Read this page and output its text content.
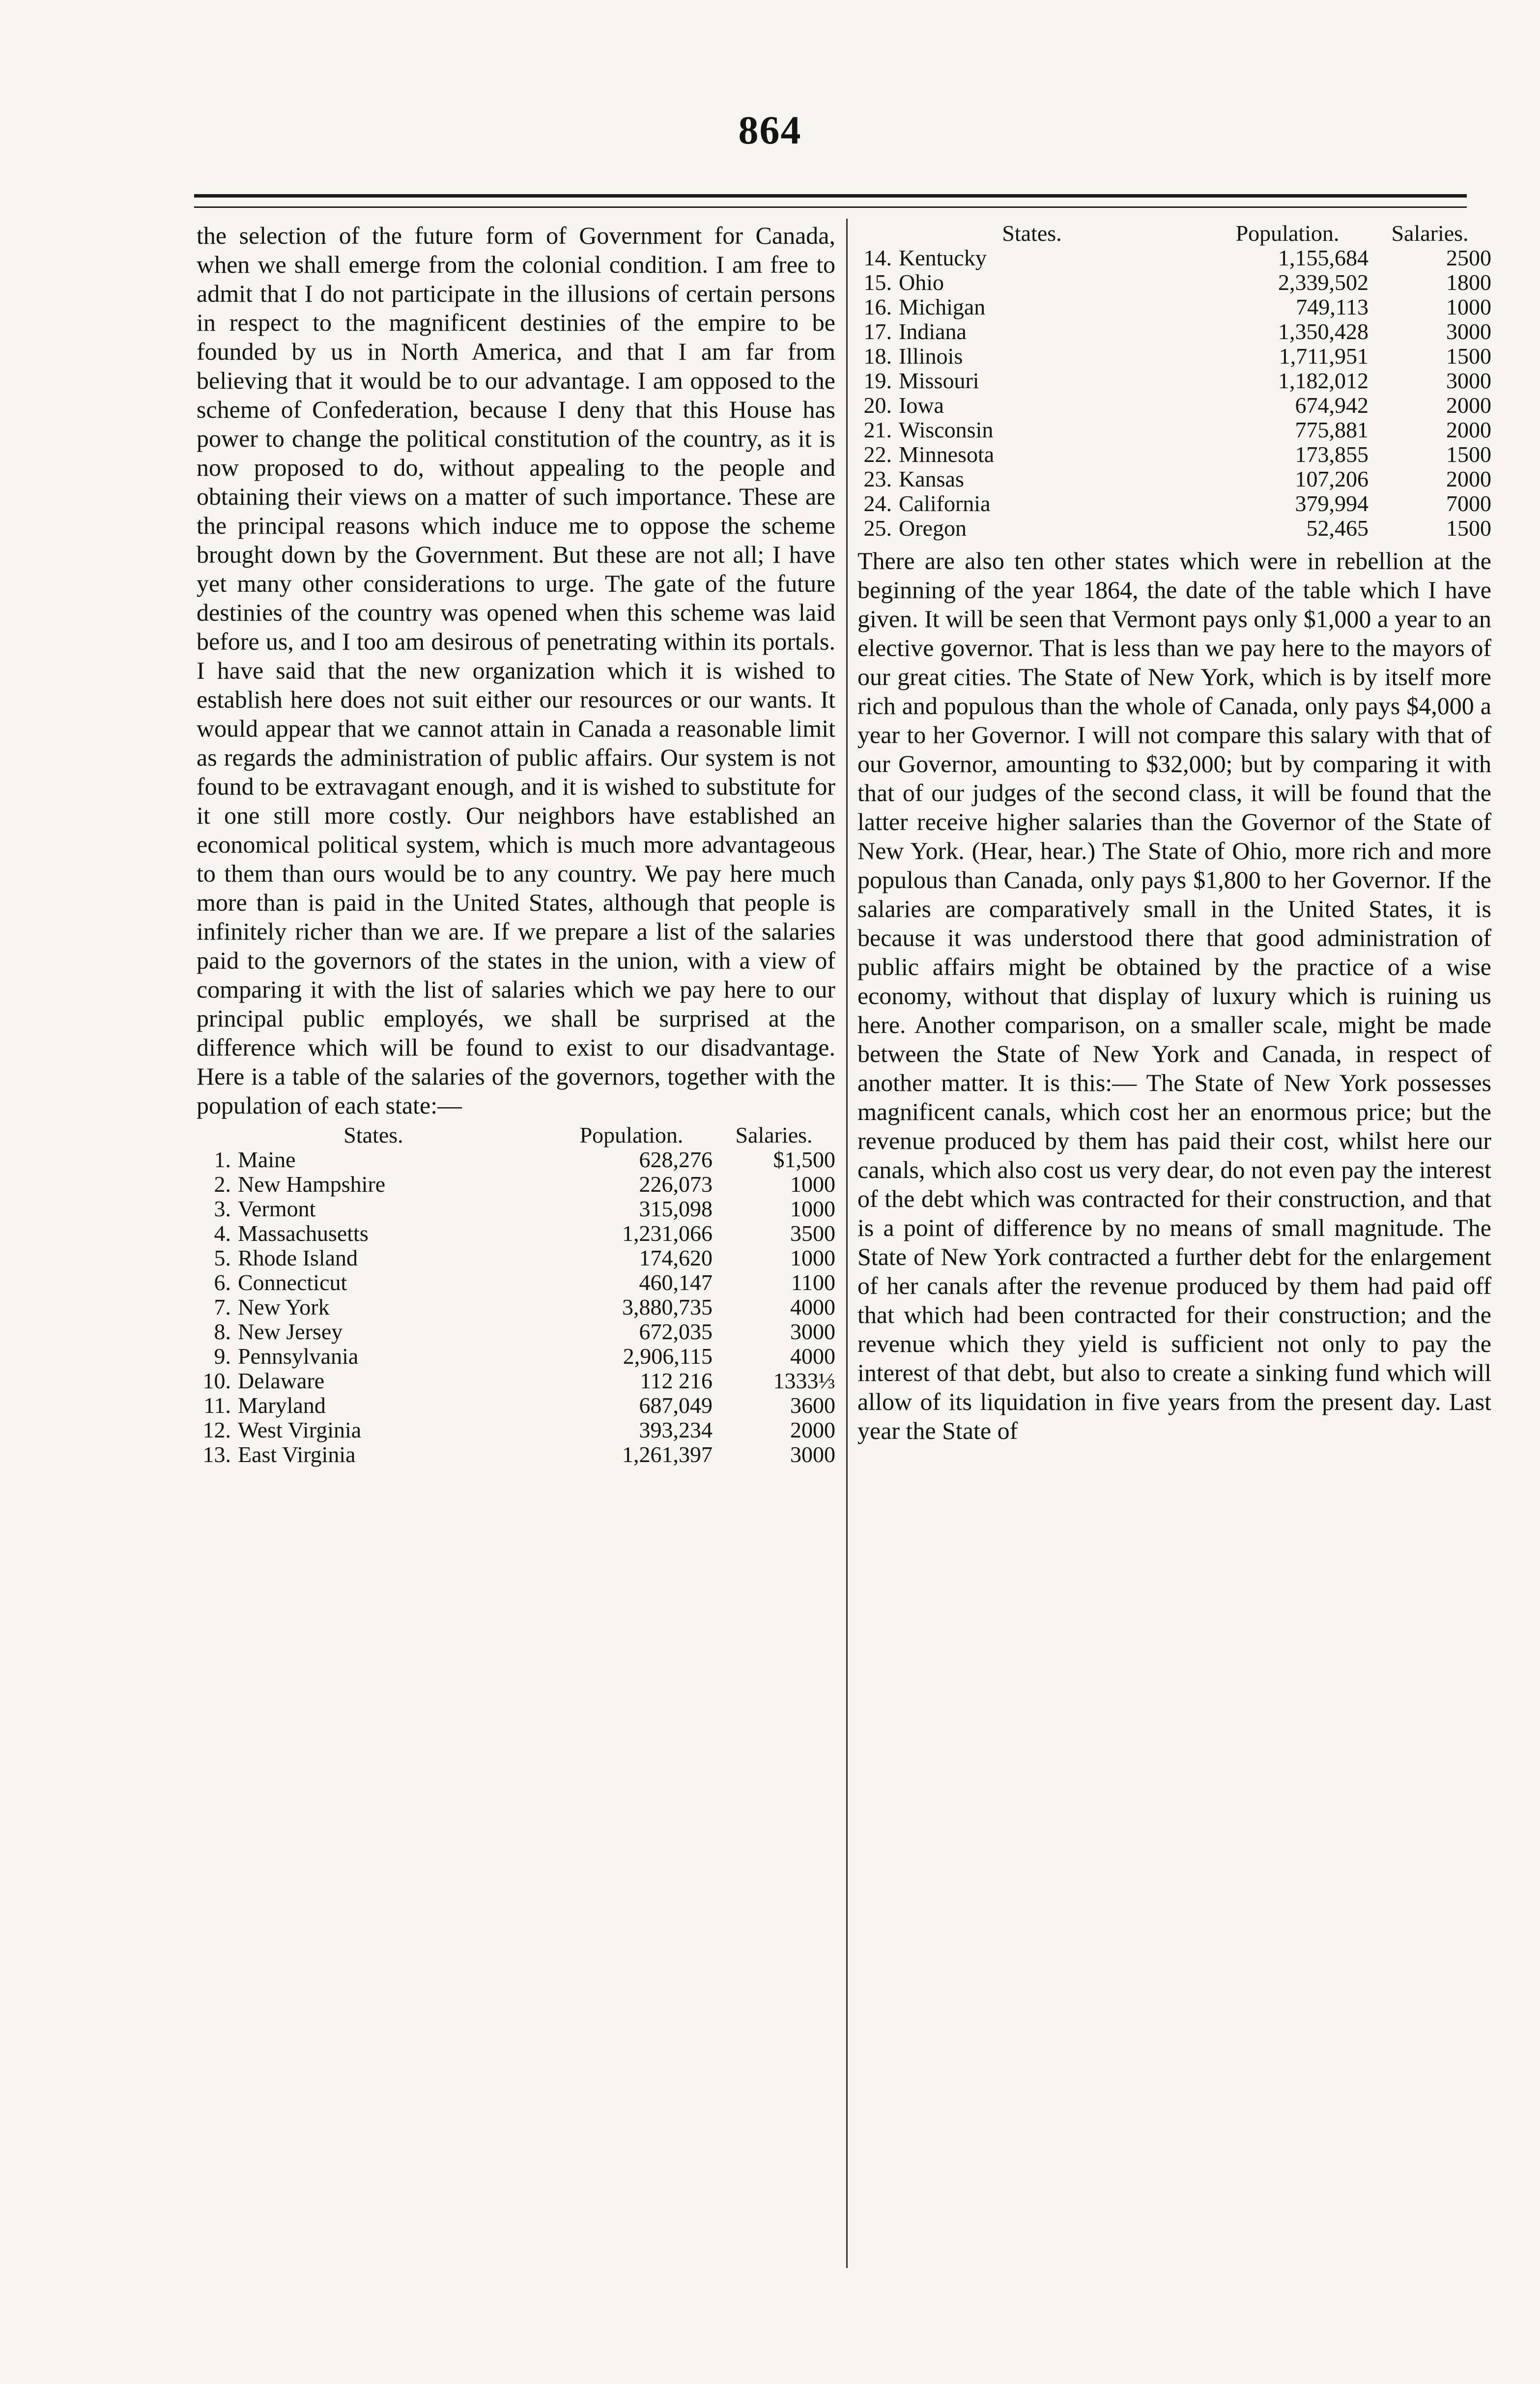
864

the selection of the future form of Government for Canada, when we shall emerge from the colonial condition. I am free to admit that I do not participate in the illusions of certain persons in respect to the magnificent destinies of the empire to be founded by us in North America, and that I am far from believing that it would be to our advantage. I am opposed to the scheme of Confederation, because I deny that this House has power to change the political constitution of the country, as it is now proposed to do, without appealing to the people and obtaining their views on a matter of such importance. These are the principal reasons which induce me to oppose the scheme brought down by the Government. But these are not all; I have yet many other considerations to urge. The gate of the future destinies of the country was opened when this scheme was laid before us, and I too am desirous of penetrating within its portals. I have said that the new organization which it is wished to establish here does not suit either our resources or our wants. It would appear that we cannot attain in Canada a reasonable limit as regards the administration of public affairs. Our system is not found to be extravagant enough, and it is wished to substitute for it one still more costly. Our neighbors have established an economical political system, which is much more advantageous to them than ours would be to any country. We pay here much more than is paid in the United States, although that people is infinitely richer than we are. If we prepare a list of the salaries paid to the governors of the states in the union, with a view of comparing it with the list of salaries which we pay here to our principal public employés, we shall be surprised at the difference which will be found to exist to our disadvantage. Here is a table of the salaries of the governors, together with the population of each state:—

States.		Population.	Salaries.
1.	Maine	628,276	$1,500
2.	New Hampshire	226,073	1000
3.	Vermont	315,098	1000
4.	Massachusetts	1,231,066	3500
5.	Rhode Island	174,620	1000
6.	Connecticut	460,147	1100
7.	New York	3,880,735	4000
8.	New Jersey	672,035	3000
9.	Pennsylvania	2,906,115	4000
10.	Delaware	112 216	1333⅓
11.	Maryland	687,049	3600
12.	West Virginia	393,234	2000
13.	East Virginia	1,261,397	3000
States.		Population.	Salaries.
14.	Kentucky	1,155,684	2500
15.	Ohio	2,339,502	1800
16.	Michigan	749,113	1000
17.	Indiana	1,350,428	3000
18.	Illinois	1,711,951	1500
19.	Missouri	1,182,012	3000
20.	Iowa	674,942	2000
21.	Wisconsin	775,881	2000
22.	Minnesota	173,855	1500
23.	Kansas	107,206	2000
24.	California	379,994	7000
25.	Oregon	52,465	1500

There are also ten other states which were in rebellion at the beginning of the year 1864, the date of the table which I have given. It will be seen that Vermont pays only $1,000 a year to an elective governor. That is less than we pay here to the mayors of our great cities. The State of New York, which is by itself more rich and populous than the whole of Canada, only pays $4,000 a year to her Governor. I will not compare this salary with that of our Governor, amounting to $32,000; but by comparing it with that of our judges of the second class, it will be found that the latter receive higher salaries than the Governor of the State of New York. (Hear, hear.) The State of Ohio, more rich and more populous than Canada, only pays $1,800 to her Governor. If the salaries are comparatively small in the United States, it is because it was understood there that good administration of public affairs might be obtained by the practice of a wise economy, without that display of luxury which is ruining us here. Another comparison, on a smaller scale, might be made between the State of New York and Canada, in respect of another matter. It is this:— The State of New York possesses magnificent canals, which cost her an enormous price; but the revenue produced by them has paid their cost, whilst here our canals, which also cost us very dear, do not even pay the interest of the debt which was contracted for their construction, and that is a point of difference by no means of small magnitude. The State of New York contracted a further debt for the enlargement of her canals after the revenue produced by them had paid off that which had been contracted for their construction; and the revenue which they yield is sufficient not only to pay the interest of that debt, but also to create a sinking fund which will allow of its liquidation in five years from the present day. Last year the State of
